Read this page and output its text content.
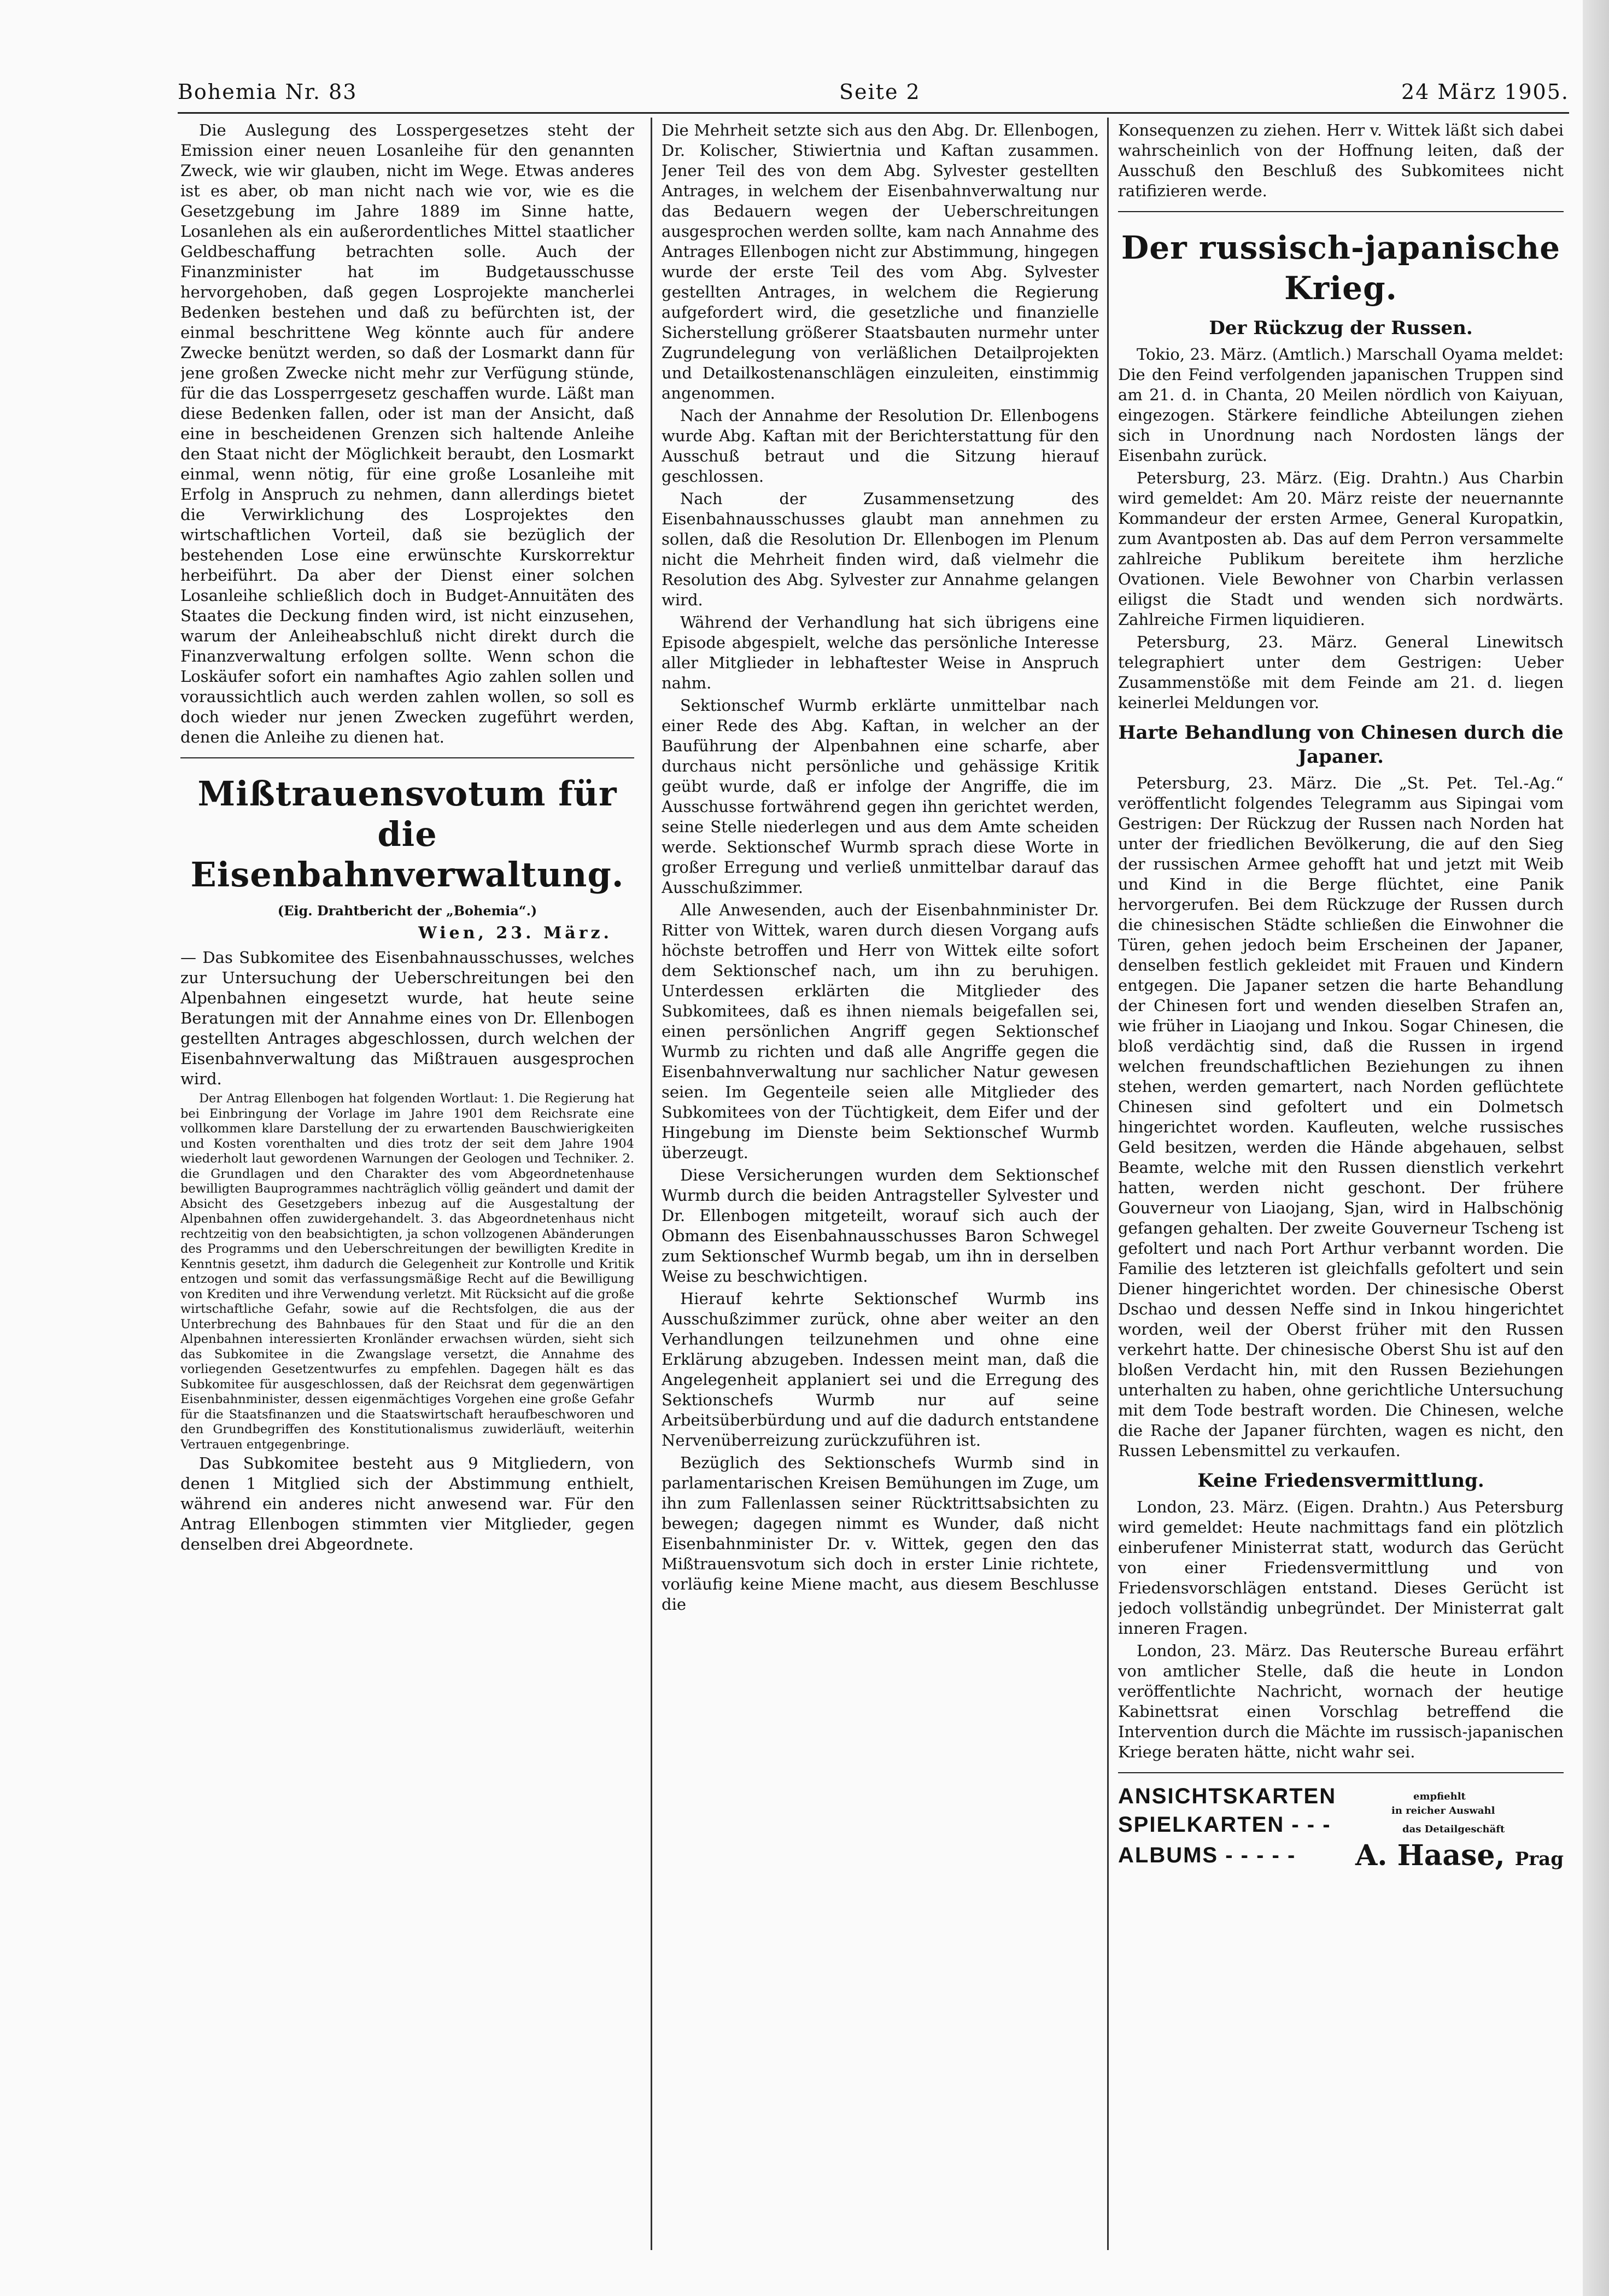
Bohemia Nr. 83	Seite 2	24 März 1905.

Die Auslegung des Losspergesetzes steht der Emission einer neuen Losanleihe für den genannten Zweck, wie wir glauben, nicht im Wege. Etwas anderes ist es aber, ob man nicht nach wie vor, wie es die Gesetzgebung im Jahre 1889 im Sinne hatte, Losanlehen als ein außerordentliches Mittel staatlicher Geldbeschaffung betrachten solle. Auch der Finanzminister hat im Budgetausschusse hervorgehoben, daß gegen Losprojekte mancherlei Bedenken bestehen und daß zu befürchten ist, der einmal beschrittene Weg könnte auch für andere Zwecke benützt werden, so daß der Losmarkt dann für jene großen Zwecke nicht mehr zur Verfügung stünde, für die das Lossperrgesetz geschaffen wurde. Läßt man diese Bedenken fallen, oder ist man der Ansicht, daß eine in bescheidenen Grenzen sich haltende Anleihe den Staat nicht der Möglichkeit beraubt, den Losmarkt einmal, wenn nötig, für eine große Losanleihe mit Erfolg in Anspruch zu nehmen, dann allerdings bietet die Verwirklichung des Losprojektes den wirtschaftlichen Vorteil, daß sie bezüglich der bestehenden Lose eine erwünschte Kurskorrektur herbeiführt. Da aber der Dienst einer solchen Losanleihe schließlich doch in Budget-Annuitäten des Staates die Deckung finden wird, ist nicht einzusehen, warum der Anleiheabschluß nicht direkt durch die Finanzverwaltung erfolgen sollte. Wenn schon die Loskäufer sofort ein namhaftes Agio zahlen sollen und voraussichtlich auch werden zahlen wollen, so soll es doch wieder nur jenen Zwecken zugeführt werden, denen die Anleihe zu dienen hat.

Mißtrauensvotum für die Eisenbahnverwaltung.
(Eig. Drahtbericht der „Bohemia“.)
Wien, 23. März.

— Das Subkomitee des Eisenbahnausschusses, welches zur Untersuchung der Ueberschreitungen bei den Alpenbahnen eingesetzt wurde, hat heute seine Beratungen mit der Annahme eines von Dr. Ellenbogen gestellten Antrages abgeschlossen, durch welchen der Eisenbahnverwaltung das Mißtrauen ausgesprochen wird.

Der Antrag Ellenbogen hat folgenden Wortlaut: 1. Die Regierung hat bei Einbringung der Vorlage im Jahre 1901 dem Reichsrate eine vollkommen klare Darstellung der zu erwartenden Bauschwierigkeiten und Kosten vorenthalten und dies trotz der seit dem Jahre 1904 wiederholt laut gewordenen Warnungen der Geologen und Techniker. 2. die Grundlagen und den Charakter des vom Abgeordnetenhause bewilligten Bauprogrammes nachträglich völlig geändert und damit der Absicht des Gesetzgebers inbezug auf die Ausgestaltung der Alpenbahnen offen zuwidergehandelt. 3. das Abgeordnetenhaus nicht rechtzeitig von den beabsichtigten, ja schon vollzogenen Abänderungen des Programms und den Ueberschreitungen der bewilligten Kredite in Kenntnis gesetzt, ihm dadurch die Gelegenheit zur Kontrolle und Kritik entzogen und somit das verfassungsmäßige Recht auf die Bewilligung von Krediten und ihre Verwendung verletzt. Mit Rücksicht auf die große wirtschaftliche Gefahr, sowie auf die Rechtsfolgen, die aus der Unterbrechung des Bahnbaues für den Staat und für die an den Alpenbahnen interessierten Kronländer erwachsen würden, sieht sich das Subkomitee in die Zwangslage versetzt, die Annahme des vorliegenden Gesetzentwurfes zu empfehlen. Dagegen hält es das Subkomitee für ausgeschlossen, daß der Reichsrat dem gegenwärtigen Eisenbahnminister, dessen eigenmächtiges Vorgehen eine große Gefahr für die Staatsfinanzen und die Staatswirtschaft heraufbeschworen und den Grundbegriffen des Konstitutionalismus zuwiderläuft, weiterhin Vertrauen entgegenbringe.

Das Subkomitee besteht aus 9 Mitgliedern, von denen 1 Mitglied sich der Abstimmung enthielt, während ein anderes nicht anwesend war. Für den Antrag Ellenbogen stimmten vier Mitglieder, gegen denselben drei Abgeordnete.

Die Mehrheit setzte sich aus den Abg. Dr. Ellenbogen, Dr. Kolischer, Stiwiertnia und Kaftan zusammen. Jener Teil des von dem Abg. Sylvester gestellten Antrages, in welchem der Eisenbahnverwaltung nur das Bedauern wegen der Ueberschreitungen ausgesprochen werden sollte, kam nach Annahme des Antrages Ellenbogen nicht zur Abstimmung, hingegen wurde der erste Teil des vom Abg. Sylvester gestellten Antrages, in welchem die Regierung aufgefordert wird, die gesetzliche und finanzielle Sicherstellung größerer Staatsbauten nurmehr unter Zugrundelegung von verläßlichen Detailprojekten und Detailkostenanschlägen einzuleiten, einstimmig angenommen.

Nach der Annahme der Resolution Dr. Ellenbogens wurde Abg. Kaftan mit der Berichterstattung für den Ausschuß betraut und die Sitzung hierauf geschlossen.

Nach der Zusammensetzung des Eisenbahnausschusses glaubt man annehmen zu sollen, daß die Resolution Dr. Ellenbogen im Plenum nicht die Mehrheit finden wird, daß vielmehr die Resolution des Abg. Sylvester zur Annahme gelangen wird.

Während der Verhandlung hat sich übrigens eine Episode abgespielt, welche das persönliche Interesse aller Mitglieder in lebhaftester Weise in Anspruch nahm.

Sektionschef Wurmb erklärte unmittelbar nach einer Rede des Abg. Kaftan, in welcher an der Bauführung der Alpenbahnen eine scharfe, aber durchaus nicht persönliche und gehässige Kritik geübt wurde, daß er infolge der Angriffe, die im Ausschusse fortwährend gegen ihn gerichtet werden, seine Stelle niederlegen und aus dem Amte scheiden werde. Sektionschef Wurmb sprach diese Worte in großer Erregung und verließ unmittelbar darauf das Ausschußzimmer.

Alle Anwesenden, auch der Eisenbahnminister Dr. Ritter von Wittek, waren durch diesen Vorgang aufs höchste betroffen und Herr von Wittek eilte sofort dem Sektionschef nach, um ihn zu beruhigen. Unterdessen erklärten die Mitglieder des Subkomitees, daß es ihnen niemals beigefallen sei, einen persönlichen Angriff gegen Sektionschef Wurmb zu richten und daß alle Angriffe gegen die Eisenbahnverwaltung nur sachlicher Natur gewesen seien. Im Gegenteile seien alle Mitglieder des Subkomitees von der Tüchtigkeit, dem Eifer und der Hingebung im Dienste beim Sektionschef Wurmb überzeugt.

Diese Versicherungen wurden dem Sektionschef Wurmb durch die beiden Antragsteller Sylvester und Dr. Ellenbogen mitgeteilt, worauf sich auch der Obmann des Eisenbahnausschusses Baron Schwegel zum Sektionschef Wurmb begab, um ihn in derselben Weise zu beschwichtigen.

Hierauf kehrte Sektionschef Wurmb ins Ausschußzimmer zurück, ohne aber weiter an den Verhandlungen teilzunehmen und ohne eine Erklärung abzugeben. Indessen meint man, daß die Angelegenheit applaniert sei und die Erregung des Sektionschefs Wurmb nur auf seine Arbeitsüberbürdung und auf die dadurch entstandene Nervenüberreizung zurückzuführen ist.

Bezüglich des Sektionschefs Wurmb sind in parlamentarischen Kreisen Bemühungen im Zuge, um ihn zum Fallenlassen seiner Rücktrittsabsichten zu bewegen; dagegen nimmt es Wunder, daß nicht Eisenbahnminister Dr. v. Wittek, gegen den das Mißtrauensvotum sich doch in erster Linie richtete, vorläufig keine Miene macht, aus diesem Beschlusse die

Konsequenzen zu ziehen. Herr v. Wittek läßt sich dabei wahrscheinlich von der Hoffnung leiten, daß der Ausschuß den Beschluß des Subkomitees nicht ratifizieren werde.

Der russisch-japanische Krieg.
Der Rückzug der Russen.

Tokio, 23. März. (Amtlich.) Marschall Oyama meldet: Die den Feind verfolgenden japanischen Truppen sind am 21. d. in Chanta, 20 Meilen nördlich von Kaiyuan, eingezogen. Stärkere feindliche Abteilungen ziehen sich in Unordnung nach Nordosten längs der Eisenbahn zurück.

Petersburg, 23. März. (Eig. Drahtn.) Aus Charbin wird gemeldet: Am 20. März reiste der neuernannte Kommandeur der ersten Armee, General Kuropatkin, zum Avantposten ab. Das auf dem Perron versammelte zahlreiche Publikum bereitete ihm herzliche Ovationen. Viele Bewohner von Charbin verlassen eiligst die Stadt und wenden sich nordwärts. Zahlreiche Firmen liquidieren.

Petersburg, 23. März. General Linewitsch telegraphiert unter dem Gestrigen: Ueber Zusammenstöße mit dem Feinde am 21. d. liegen keinerlei Meldungen vor.

Harte Behandlung von Chinesen durch die Japaner.

Petersburg, 23. März. Die „St. Pet. Tel.-Ag.“ veröffentlicht folgendes Telegramm aus Sipingai vom Gestrigen: Der Rückzug der Russen nach Norden hat unter der friedlichen Bevölkerung, die auf den Sieg der russischen Armee gehofft hat und jetzt mit Weib und Kind in die Berge flüchtet, eine Panik hervorgerufen. Bei dem Rückzuge der Russen durch die chinesischen Städte schließen die Einwohner die Türen, gehen jedoch beim Erscheinen der Japaner, denselben festlich gekleidet mit Frauen und Kindern entgegen. Die Japaner setzen die harte Behandlung der Chinesen fort und wenden dieselben Strafen an, wie früher in Liaojang und Inkou. Sogar Chinesen, die bloß verdächtig sind, daß die Russen in irgend welchen freundschaftlichen Beziehungen zu ihnen stehen, werden gemartert, nach Norden geflüchtete Chinesen sind gefoltert und ein Dolmetsch hingerichtet worden. Kaufleuten, welche russisches Geld besitzen, werden die Hände abgehauen, selbst Beamte, welche mit den Russen dienstlich verkehrt hatten, werden nicht geschont. Der frühere Gouverneur von Liaojang, Sjan, wird in Halbschönig gefangen gehalten. Der zweite Gouverneur Tscheng ist gefoltert und nach Port Arthur verbannt worden. Die Familie des letzteren ist gleichfalls gefoltert und sein Diener hingerichtet worden. Der chinesische Oberst Dschao und dessen Neffe sind in Inkou hingerichtet worden, weil der Oberst früher mit den Russen verkehrt hatte. Der chinesische Oberst Shu ist auf den bloßen Verdacht hin, mit den Russen Beziehungen unterhalten zu haben, ohne gerichtliche Untersuchung mit dem Tode bestraft worden. Die Chinesen, welche die Rache der Japaner fürchten, wagen es nicht, den Russen Lebensmittel zu verkaufen.

Keine Friedensvermittlung.

London, 23. März. (Eigen. Drahtn.) Aus Petersburg wird gemeldet: Heute nachmittags fand ein plötzlich einberufener Ministerrat statt, wodurch das Gerücht von einer Friedensvermittlung und von Friedensvorschlägen entstand. Dieses Gerücht ist jedoch vollständig unbegründet. Der Ministerrat galt inneren Fragen.

London, 23. März. Das Reutersche Bureau erfährt von amtlicher Stelle, daß die heute in London veröffentlichte Nachricht, wornach der heutige Kabinettsrat einen Vorschlag betreffend die Intervention durch die Mächte im russisch-japanischen Kriege beraten hätte, nicht wahr sei.

ANSICHTSKARTEN
SPIELKARTEN - - -
ALBUMS - - - - -
empfiehlt
in reicher Auswahl
das Detailgeschäft
A. Haase, Prag
